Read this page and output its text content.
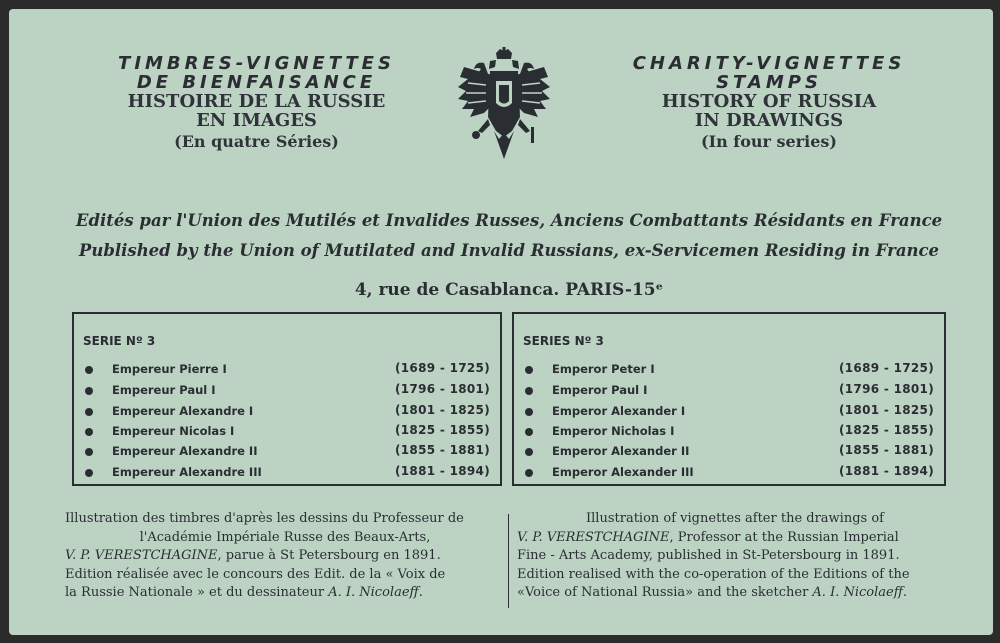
TIMBRES-VIGNETTES
DE BIENFAISANCE
HISTOIRE DE LA RUSSIE
EN IMAGES
(En quatre Séries)
CHARITY-VIGNETTES
STAMPS
HISTORY OF RUSSIA
IN DRAWINGS
(In four series)
Edités par l'Union des Mutilés et Invalides Russes, Anciens Combattants Résidants en France
Published by the Union of Mutilated and Invalid Russians, ex-Servicemen Residing in France
4, rue de Casablanca. PARIS-15ᵉ
SERIE Nº 3
Empereur Pierre I	(1689 - 1725)
Empereur Paul I	(1796 - 1801)
Empereur Alexandre I	(1801 - 1825)
Empereur Nicolas I	(1825 - 1855)
Empereur Alexandre II	(1855 - 1881)
Empereur Alexandre III	(1881 - 1894)
SERIES Nº 3
Emperor Peter I	(1689 - 1725)
Emperor Paul I	(1796 - 1801)
Emperor Alexander I	(1801 - 1825)
Emperor Nicholas I	(1825 - 1855)
Emperor Alexander II	(1855 - 1881)
Emperor Alexander III	(1881 - 1894)
Illustration des timbres d'après les dessins du Professeur de
l'Académie Impériale Russe des Beaux-Arts,
V. P. VERESTCHAGINE, parue à St Petersbourg en 1891.
Edition réalisée avec le concours des Edit. de la « Voix de
la Russie Nationale » et du dessinateur A. I. Nicolaeff.
Illustration of vignettes after the drawings of
V. P. VERESTCHAGINE, Professor at the Russian Imperial
Fine - Arts Academy, published in St-Petersbourg in 1891.
Edition realised with the co-operation of the Editions of the
«Voice of National Russia» and the sketcher A. I. Nicolaeff.
